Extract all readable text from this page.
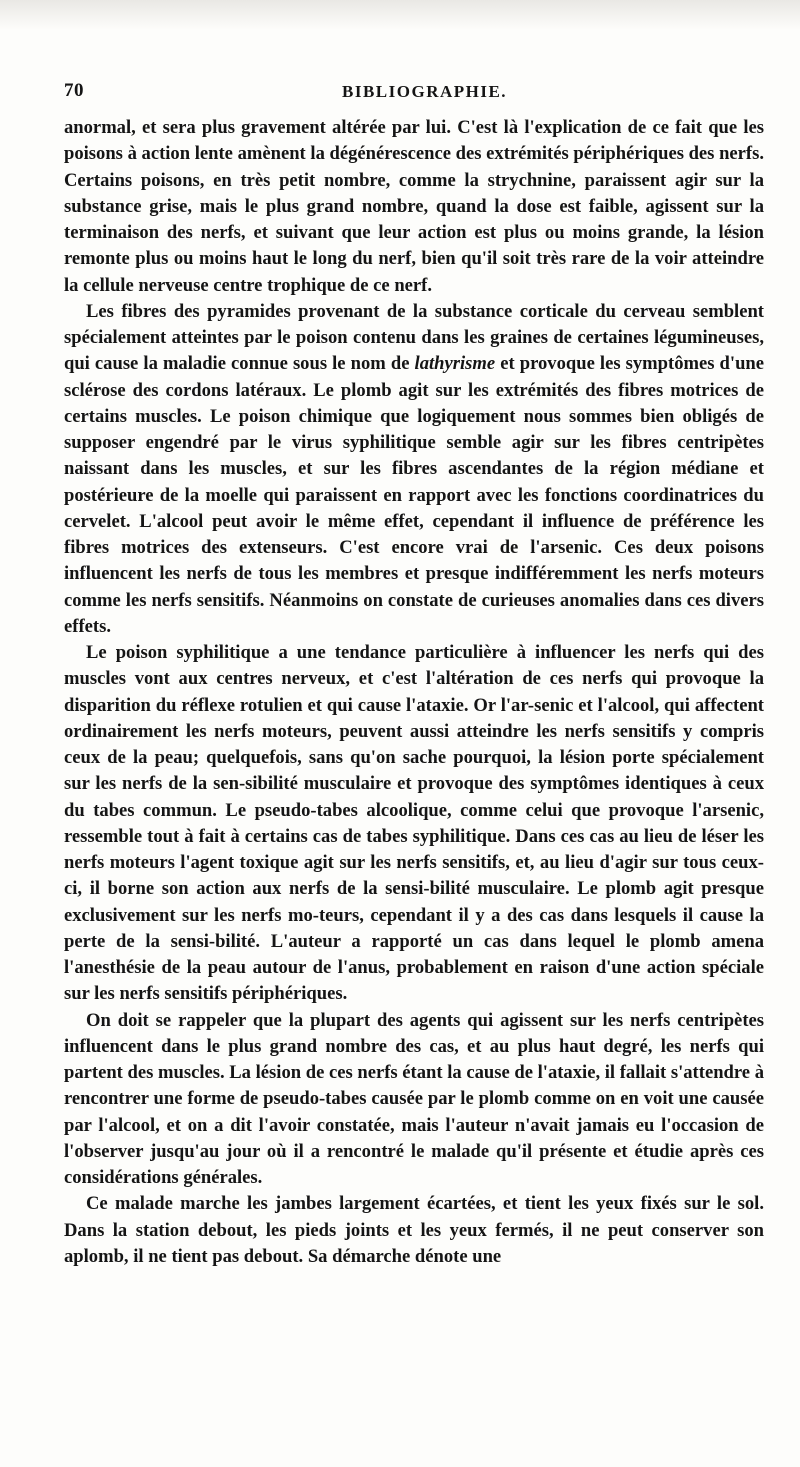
70	BIBLIOGRAPHIE.

anormal, et sera plus gravement altérée par lui. C'est là l'explication de ce fait que les poisons à action lente amènent la dégénérescence des extrémités périphériques des nerfs. Certains poisons, en très petit nombre, comme la strychnine, paraissent agir sur la substance grise, mais le plus grand nombre, quand la dose est faible, agissent sur la terminaison des nerfs, et suivant que leur action est plus ou moins grande, la lésion remonte plus ou moins haut le long du nerf, bien qu'il soit très rare de la voir atteindre la cellule nerveuse centre trophique de ce nerf.

Les fibres des pyramides provenant de la substance corticale du cerveau semblent spécialement atteintes par le poison contenu dans les graines de certaines légumineuses, qui cause la maladie connue sous le nom de lathyrisme et provoque les symptômes d'une sclérose des cordons latéraux. Le plomb agit sur les extrémités des fibres motrices de certains muscles. Le poison chimique que logiquement nous sommes bien obligés de supposer engendré par le virus syphilitique semble agir sur les fibres centripètes naissant dans les muscles, et sur les fibres ascendantes de la région médiane et postérieure de la moelle qui paraissent en rapport avec les fonctions coordinatrices du cervelet. L'alcool peut avoir le même effet, cependant il influence de préférence les fibres motrices des extenseurs. C'est encore vrai de l'arsenic. Ces deux poisons influencent les nerfs de tous les membres et presque indifféremment les nerfs moteurs comme les nerfs sensitifs. Néanmoins on constate de curieuses anomalies dans ces divers effets.

Le poison syphilitique a une tendance particulière à influencer les nerfs qui des muscles vont aux centres nerveux, et c'est l'altération de ces nerfs qui provoque la disparition du réflexe rotulien et qui cause l'ataxie. Or l'ar-senic et l'alcool, qui affectent ordinairement les nerfs moteurs, peuvent aussi atteindre les nerfs sensitifs y compris ceux de la peau; quelquefois, sans qu'on sache pourquoi, la lésion porte spécialement sur les nerfs de la sen-sibilité musculaire et provoque des symptômes identiques à ceux du tabes commun. Le pseudo-tabes alcoolique, comme celui que provoque l'arsenic, ressemble tout à fait à certains cas de tabes syphilitique. Dans ces cas au lieu de léser les nerfs moteurs l'agent toxique agit sur les nerfs sensitifs, et, au lieu d'agir sur tous ceux-ci, il borne son action aux nerfs de la sensi-bilité musculaire. Le plomb agit presque exclusivement sur les nerfs mo-teurs, cependant il y a des cas dans lesquels il cause la perte de la sensi-bilité. L'auteur a rapporté un cas dans lequel le plomb amena l'anesthésie de la peau autour de l'anus, probablement en raison d'une action spéciale sur les nerfs sensitifs périphériques.

On doit se rappeler que la plupart des agents qui agissent sur les nerfs centripètes influencent dans le plus grand nombre des cas, et au plus haut degré, les nerfs qui partent des muscles. La lésion de ces nerfs étant la cause de l'ataxie, il fallait s'attendre à rencontrer une forme de pseudo-tabes causée par le plomb comme on en voit une causée par l'alcool, et on a dit l'avoir constatée, mais l'auteur n'avait jamais eu l'occasion de l'observer jusqu'au jour où il a rencontré le malade qu'il présente et étudie après ces considérations générales.

Ce malade marche les jambes largement écartées, et tient les yeux fixés sur le sol. Dans la station debout, les pieds joints et les yeux fermés, il ne peut conserver son aplomb, il ne tient pas debout. Sa démarche dénote une
